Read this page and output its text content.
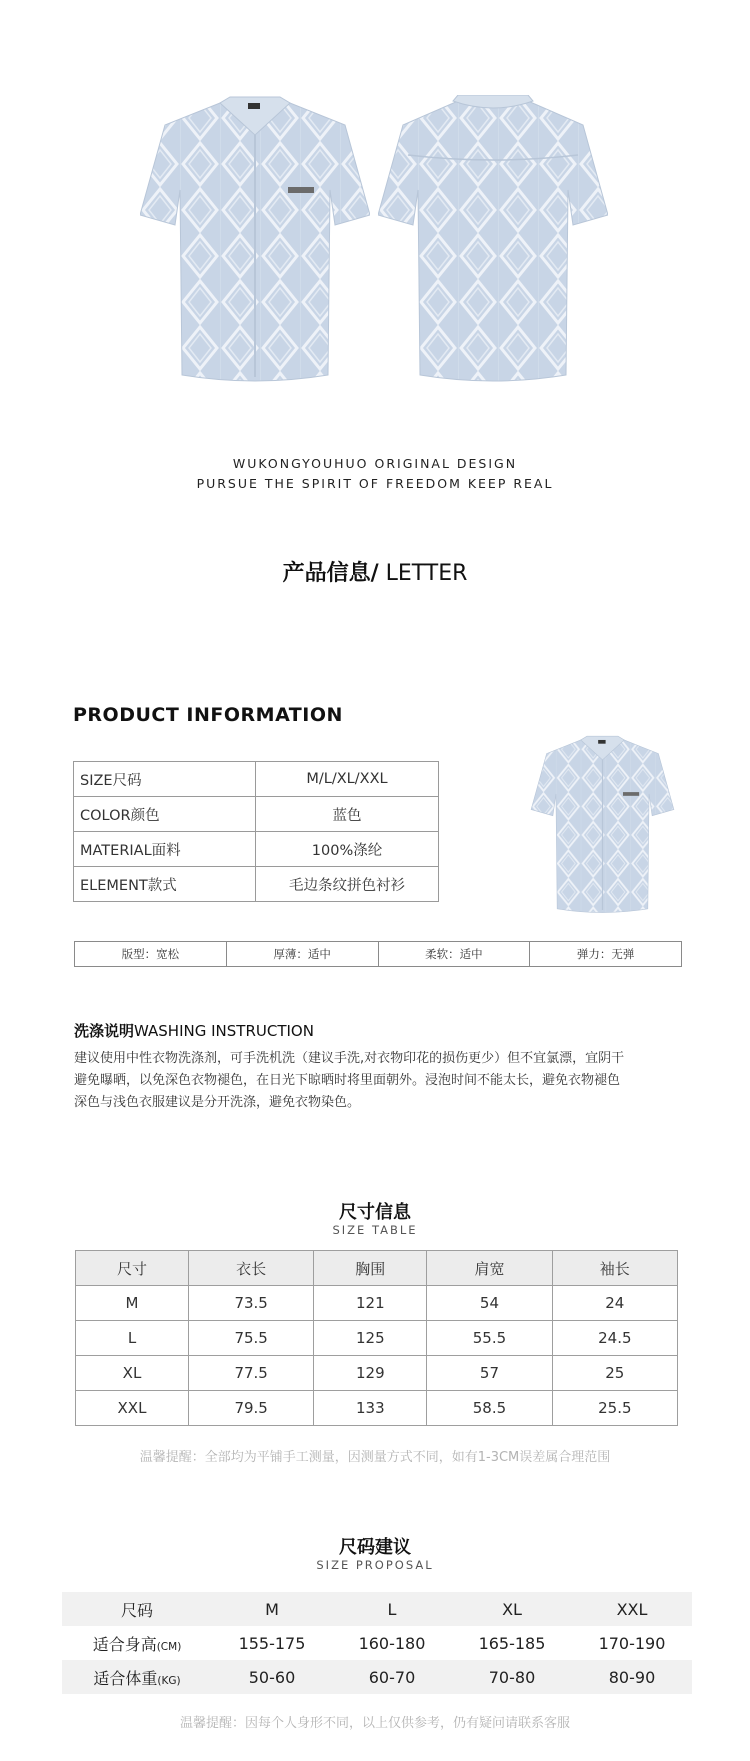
WUKONGYOUHUO ORIGINAL DESIGN
PURSUE THE SPIRIT OF FREEDOM KEEP REAL
产品信息/ LETTER
PRODUCT INFORMATION
SIZE尺码	M/L/XL/XXL
COLOR颜色	蓝色
MATERIAL面料	100%涤纶
ELEMENT款式	毛边条纹拼色衬衫
版型：宽松	厚薄：适中	柔软：适中	弹力：无弹
洗涤说明WASHING INSTRUCTION
建议使用中性衣物洗涤剂，可手洗机洗（建议手洗,对衣物印花的损伤更少）但不宜氯漂，宜阴干
避免曝晒，以免深色衣物褪色，在日光下晾晒时将里面朝外。浸泡时间不能太长，避免衣物褪色
深色与浅色衣服建议是分开洗涤，避免衣物染色。
尺寸信息
SIZE TABLE
尺寸	衣长	胸围	肩宽	袖长
M	73.5	121	54	24
L	75.5	125	55.5	24.5
XL	77.5	129	57	25
XXL	79.5	133	58.5	25.5
温馨提醒：全部均为平铺手工测量，因测量方式不同，如有1-3CM误差属合理范围
尺码建议
SIZE PROPOSAL
尺码	M	L	XL	XXL
适合身高(CM)	155-175	160-180	165-185	170-190
适合体重(KG)	50-60	60-70	70-80	80-90
温馨提醒：因每个人身形不同，以上仅供参考，仍有疑问请联系客服
